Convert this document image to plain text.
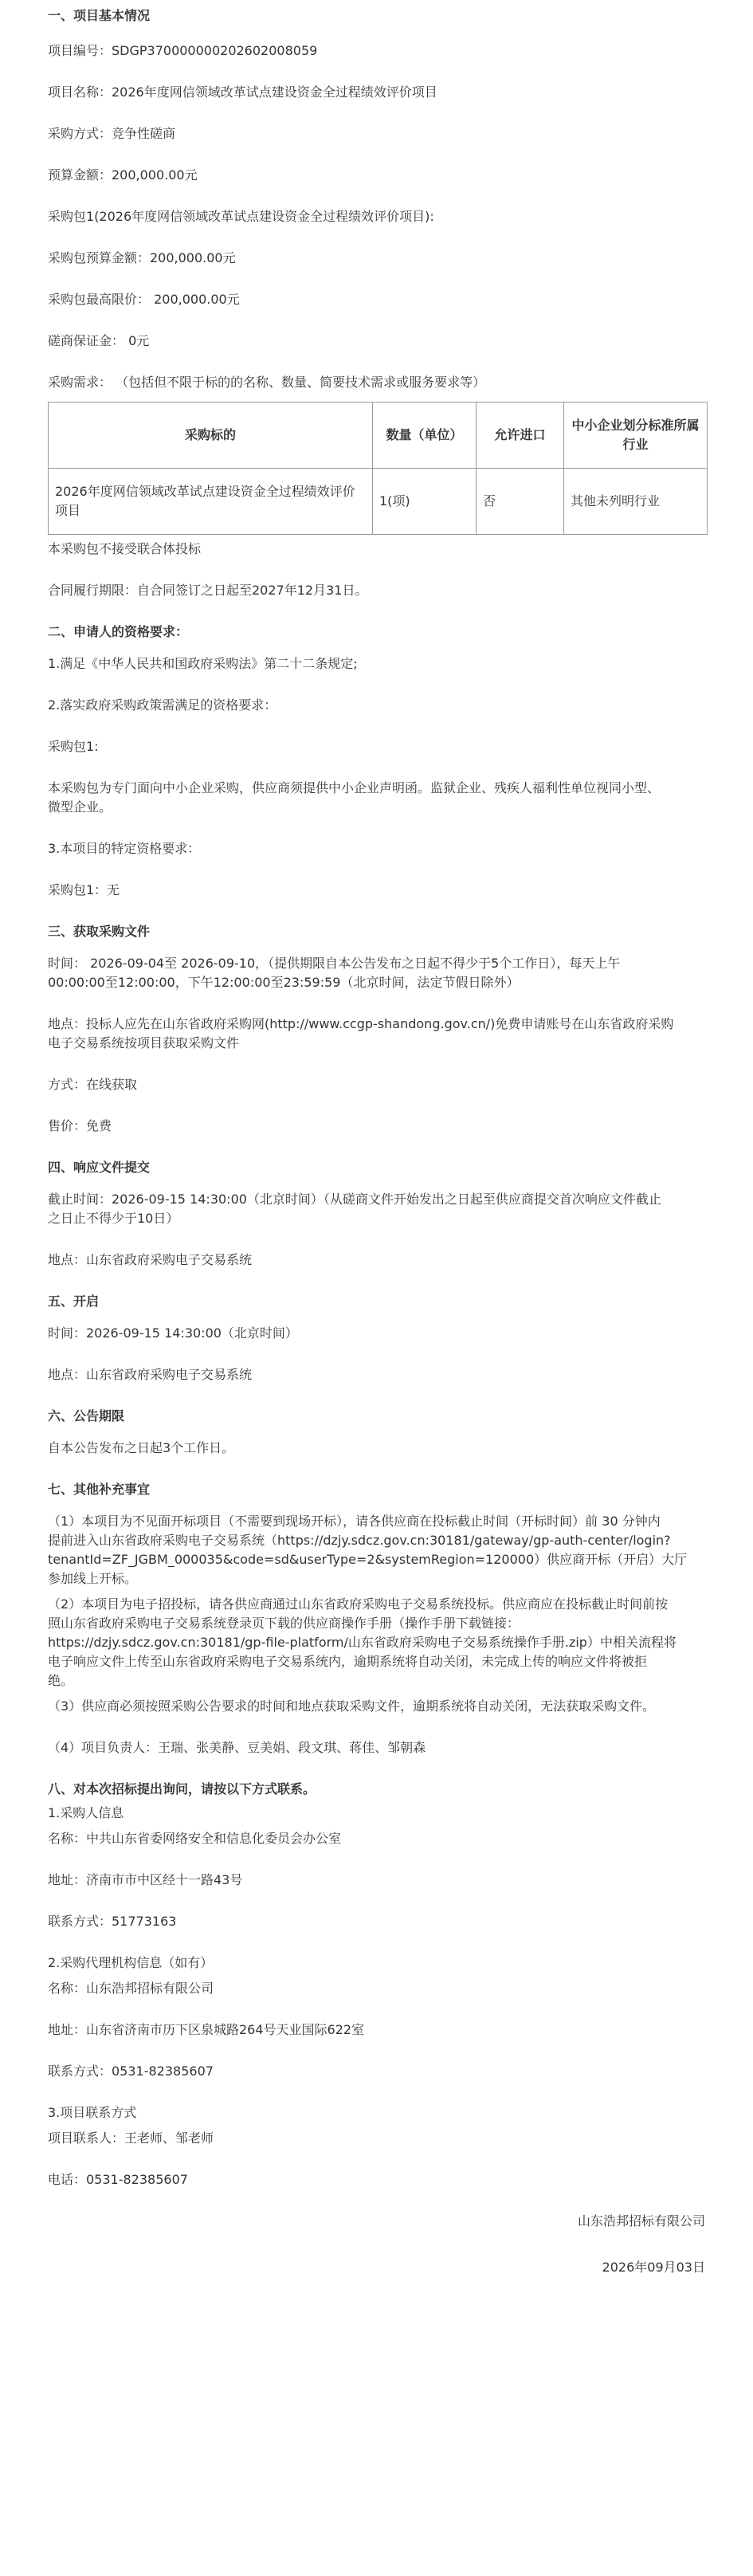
一、项目基本情况

项目编号：SDGP370000000202602008059

项目名称：2026年度网信领域改革试点建设资金全过程绩效评价项目

采购方式：竞争性磋商

预算金额：200,000.00元

采购包1(2026年度网信领域改革试点建设资金全过程绩效评价项目):

采购包预算金额：200,000.00元

采购包最高限价： 200,000.00元

磋商保证金： 0元

采购需求： （包括但不限于标的的名称、数量、简要技术需求或服务要求等）

采购标的	数量（单位）	允许进口	中小企业划分标准所属行业
2026年度网信领域改革试点建设资金全过程绩效评价项目	1(项)	否	其他未列明行业

本采购包不接受联合体投标

合同履行期限：自合同签订之日起至2027年12月31日。

二、申请人的资格要求：

1.满足《中华人民共和国政府采购法》第二十二条规定;

2.落实政府采购政策需满足的资格要求：

采购包1:

本采购包为专门面向中小企业采购，供应商须提供中小企业声明函。监狱企业、残疾人福利性单位视同小型、

微型企业。

3.本项目的特定资格要求：

采购包1：无

三、获取采购文件

时间： 2026-09-04至 2026-09-10，（提供期限自本公告发布之日起不得少于5个工作日），每天上午

00:00:00至12:00:00，下午12:00:00至23:59:59（北京时间，法定节假日除外）

地点：投标人应先在山东省政府采购网(http://www.ccgp-shandong.gov.cn/)免费申请账号在山东省政府采购

电子交易系统按项目获取采购文件

方式：在线获取

售价：免费

四、响应文件提交

截止时间：2026-09-15 14:30:00（北京时间）（从磋商文件开始发出之日起至供应商提交首次响应文件截止

之日止不得少于10日）

地点：山东省政府采购电子交易系统

五、开启

时间：2026-09-15 14:30:00（北京时间）

地点：山东省政府采购电子交易系统

六、公告期限

自本公告发布之日起3个工作日。

七、其他补充事宜

（1）本项目为不见面开标项目（不需要到现场开标），请各供应商在投标截止时间（开标时间）前 30 分钟内

提前进入山东省政府采购电子交易系统（https://dzjy.sdcz.gov.cn:30181/gateway/gp-auth-center/login?

tenantId=ZF_JGBM_000035&code=sd&userType=2&systemRegion=120000）供应商开标（开启）大厅

参加线上开标。

（2）本项目为电子招投标，请各供应商通过山东省政府采购电子交易系统投标。供应商应在投标截止时间前按

照山东省政府采购电子交易系统登录页下载的供应商操作手册（操作手册下载链接：

https://dzjy.sdcz.gov.cn:30181/gp-file-platform/山东省政府采购电子交易系统操作手册.zip）中相关流程将

电子响应文件上传至山东省政府采购电子交易系统内，逾期系统将自动关闭，未完成上传的响应文件将被拒

绝。

（3）供应商必须按照采购公告要求的时间和地点获取采购文件，逾期系统将自动关闭，无法获取采购文件。

（4）项目负责人：王瑞、张美静、豆美娟、段文琪、蒋佳、邹朝森

八、对本次招标提出询问，请按以下方式联系。

1.采购人信息

名称：中共山东省委网络安全和信息化委员会办公室

地址：济南市市中区经十一路43号

联系方式：51773163

2.采购代理机构信息（如有）

名称：山东浩邦招标有限公司

地址：山东省济南市历下区泉城路264号天业国际622室

联系方式：0531-82385607

3.项目联系方式

项目联系人：王老师、邹老师

电话：0531-82385607

山东浩邦招标有限公司

2026年09月03日
